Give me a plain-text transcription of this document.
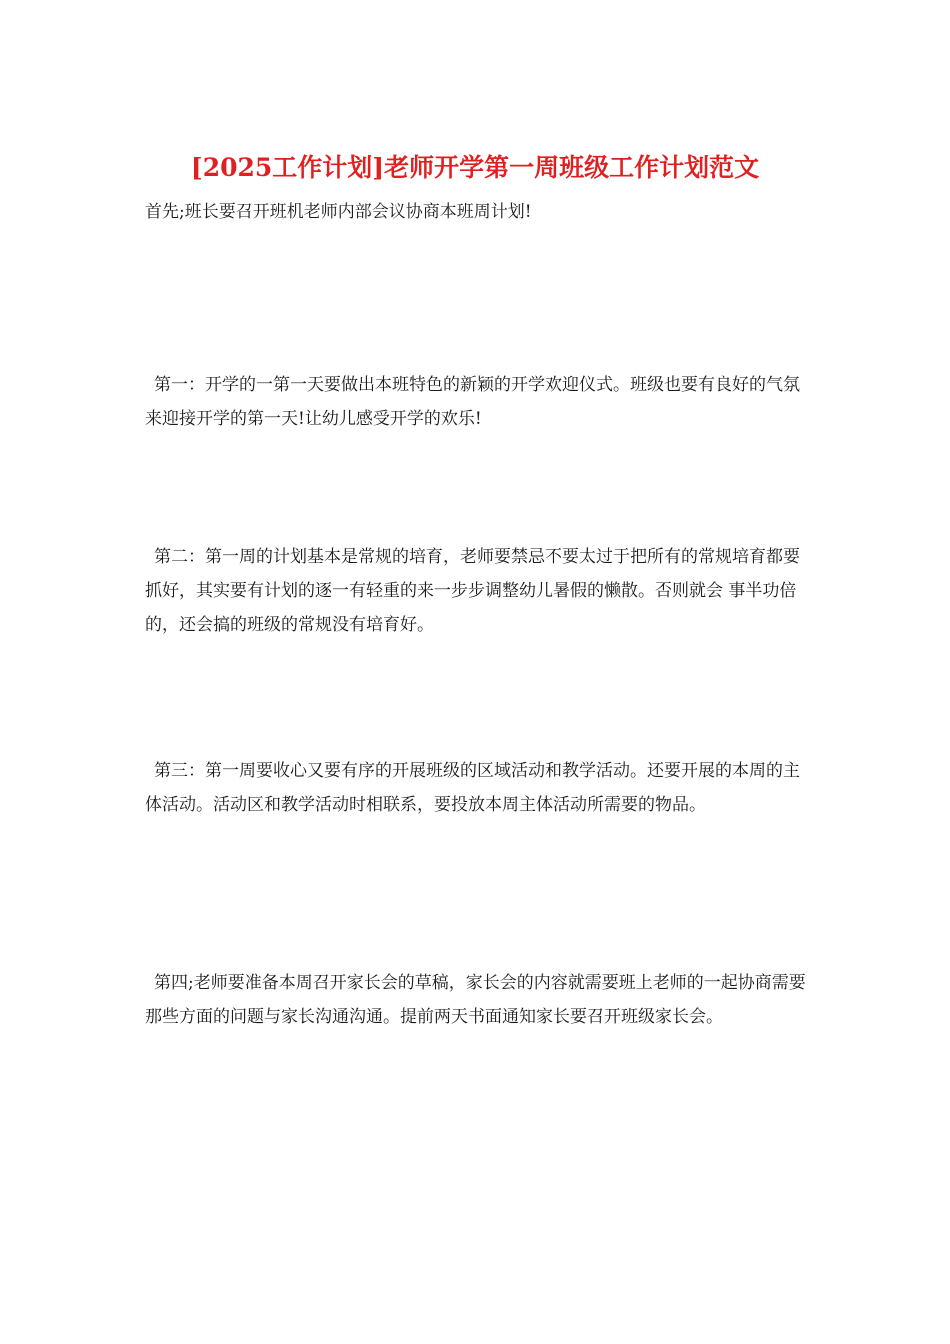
[2025工作计划]老师开学第一周班级工作计划范文
首先;班长要召开班机老师内部会议协商本班周计划!
第一：开学的一第一天要做出本班特色的新颖的开学欢迎仪式。班级也要有良好的气氛来迎接开学的第一天!让幼儿感受开学的欢乐!
第二：第一周的计划基本是常规的培育，老师要禁忌不要太过于把所有的常规培育都要抓好，其实要有计划的逐一有轻重的来一步步调整幼儿暑假的懒散。否则就会 事半功倍 的，还会搞的班级的常规没有培育好。
第三：第一周要收心又要有序的开展班级的区域活动和教学活动。还要开展的本周的主体活动。活动区和教学活动时相联系，要投放本周主体活动所需要的物品。
第四;老师要准备本周召开家长会的草稿，家长会的内容就需要班上老师的一起协商需要那些方面的问题与家长沟通沟通。提前两天书面通知家长要召开班级家长会。
